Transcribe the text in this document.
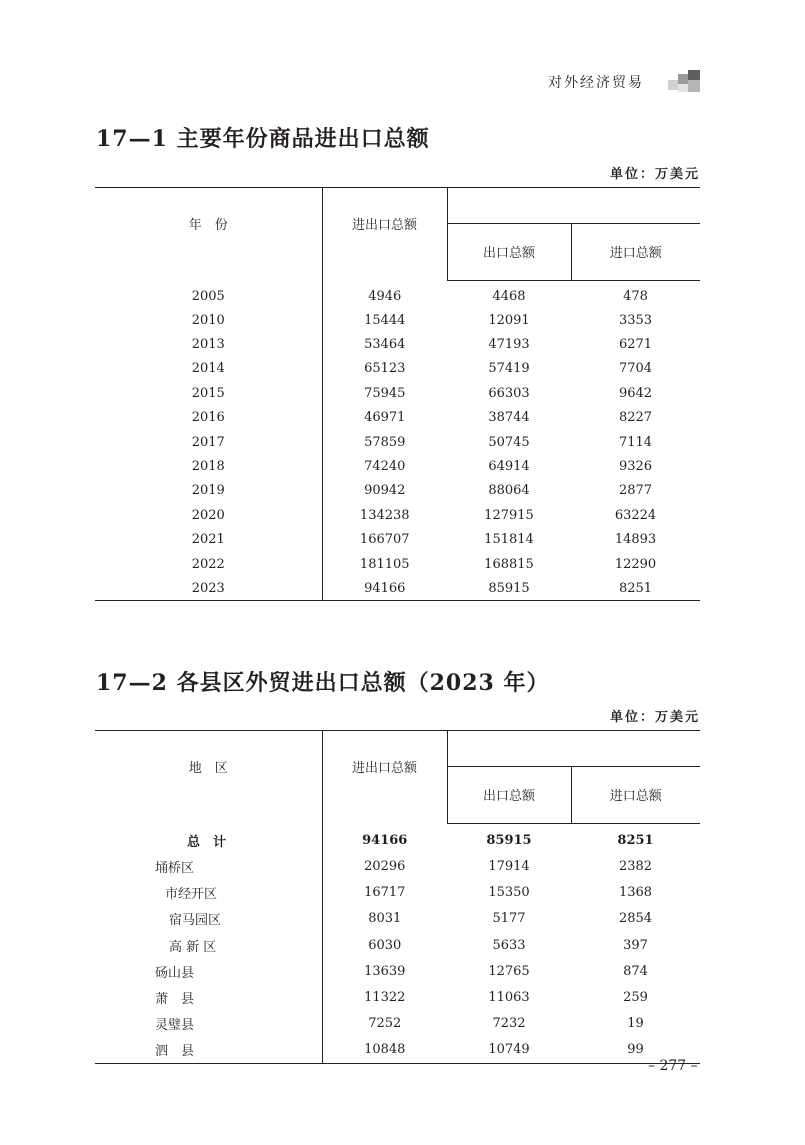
对外经济贸易
17—1 主要年份商品进出口总额
单位：万美元
年　份	进出口总额		
		出口总额	进口总额
2005	4946	4468	478
2010	15444	12091	3353
2013	53464	47193	6271
2014	65123	57419	7704
2015	75945	66303	9642
2016	46971	38744	8227
2017	57859	50745	7114
2018	74240	64914	9326
2019	90942	88064	2877
2020	134238	127915	63224
2021	166707	151814	14893
2022	181105	168815	12290
2023	94166	85915	8251
17—2 各县区外贸进出口总额（2023 年）
单位：万美元
地　区	进出口总额		
		出口总额	进口总额
总　计	94166	85915	8251
埇桥区	20296	17914	2382
市经开区	16717	15350	1368
宿马园区	8031	5177	2854
高 新 区	6030	5633	397
砀山县	13639	12765	874
萧　县	11322	11063	259
灵璧县	7252	7232	19
泗　县	10848	10749	99
– 277 –
